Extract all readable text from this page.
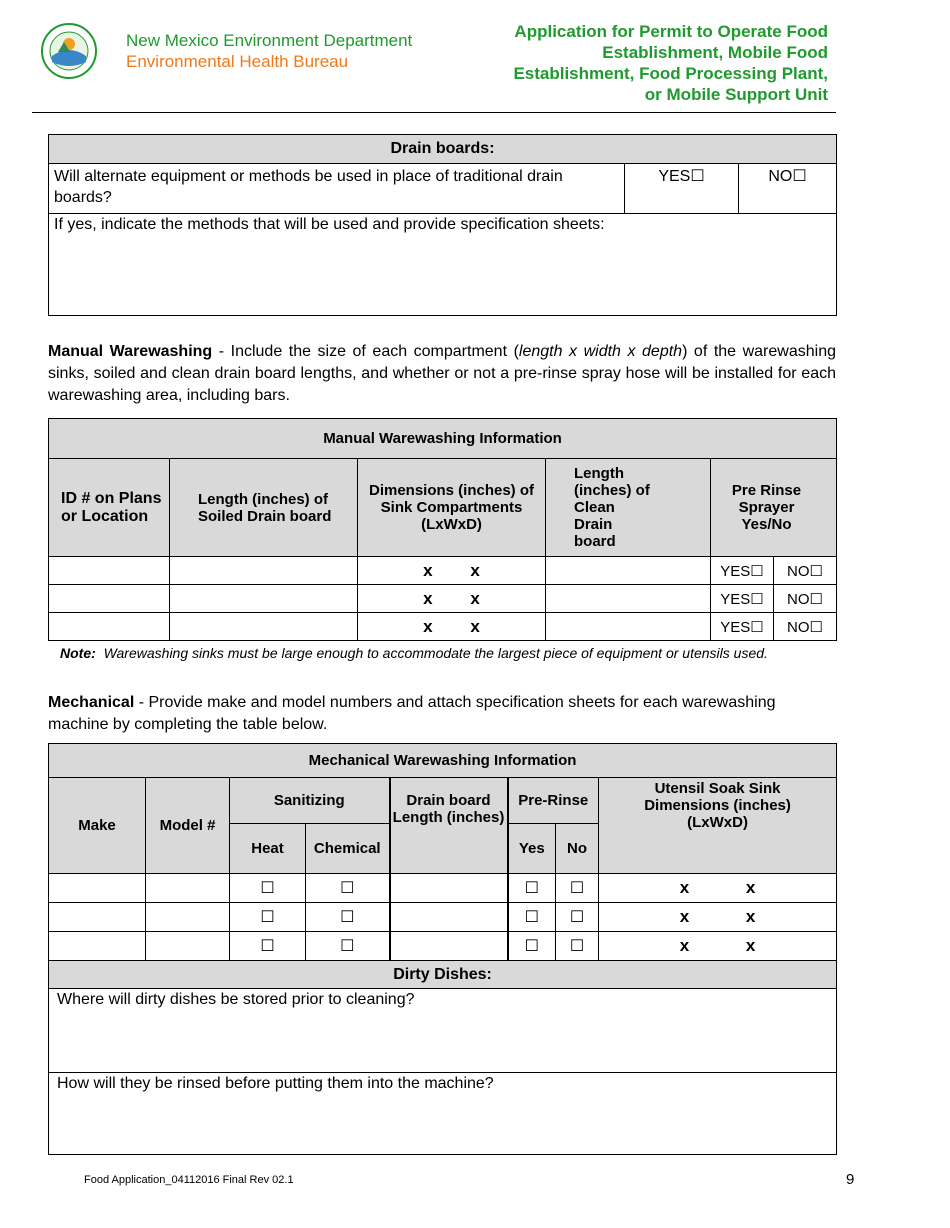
New Mexico Environment Department
Environmental Health Bureau
Application for Permit to Operate Food
Establishment, Mobile Food
Establishment, Food Processing Plant,
or Mobile Support Unit
Drain boards:
Will alternate equipment or methods be used in place of traditional drain boards?	YES☐	NO☐
If yes, indicate the methods that will be used and provide specification sheets:
Manual Warewashing - Include the size of each compartment (length x width x depth) of the warewashing sinks, soiled and clean drain board lengths, and whether or not a pre-rinse spray hose will be installed for each warewashing area, including bars.
Manual Warewashing Information					
ID # on Plans or Location	Length (inches) of Soiled Drain board	Dimensions (inches) of Sink Compartments (LxWxD)	Length (inches) of Clean Drain board	Pre Rinse Sprayer Yes/No	
		x        x		YES☐	NO☐
		x        x		YES☐	NO☐
		x        x		YES☐	NO☐
Note: Warewashing sinks must be large enough to accommodate the largest piece of equipment or utensils used.
Mechanical - Provide make and model numbers and attach specification sheets for each warewashing machine by completing the table below.
Mechanical Warewashing Information							
Make	Model #	Sanitizing		Drain board Length (inches)	Pre-Rinse		Utensil Soak Sink Dimensions (inches) (LxWxD)
		Heat	Chemical		Yes	No	
		☐	☐		☐	☐	x            x
		☐	☐		☐	☐	x            x
		☐	☐		☐	☐	x            x
Dirty Dishes:							
Where will dirty dishes be stored prior to cleaning?							
How will they be rinsed before putting them into the machine?							
Food Application_04112016 Final Rev 02.1	9
